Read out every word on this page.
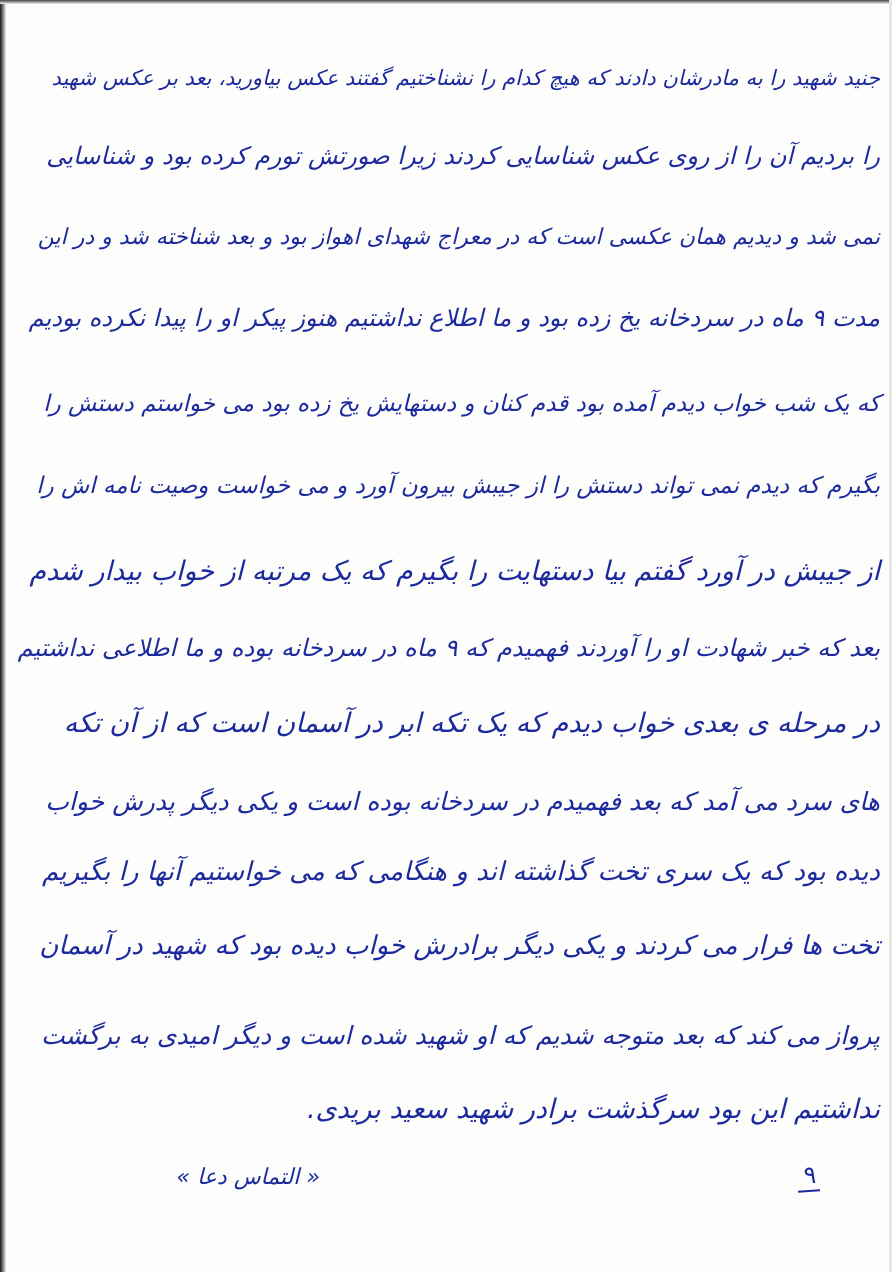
جنید شهید را به مادرشان دادند که هیچ کدام را نشناختیم گفتند عکس بیاورید، بعد بر عکس شهید
را بردیم آن را از روی عکس شناسایی کردند زیرا صورتش تورم کرده بود و شناسایی
نمی شد و دیدیم همان عکسی است که در معراج شهدای اهواز بود و بعد شناخته شد و در این
مدت ۹ ماه در سردخانه یخ زده بود و ما اطلاع نداشتیم هنوز پیکر او را پیدا نکرده بودیم
که یک شب خواب دیدم آمده بود قدم کنان و دستهایش یخ زده بود می خواستم دستش را
بگیرم که دیدم نمی تواند دستش را از جیبش بیرون آورد و می خواست وصیت نامه اش را
از جیبش در آورد گفتم بیا دستهایت را بگیرم که یک مرتبه از خواب بیدار شدم
بعد که خبر شهادت او را آوردند فهمیدم که ۹ ماه در سردخانه بوده و ما اطلاعی نداشتیم
در مرحله ی بعدی خواب دیدم که یک تکه ابر در آسمان است که از آن تکه
های سرد می آمد که بعد فهمیدم در سردخانه بوده است و یکی دیگر پدرش خواب
دیده بود که یک سری تخت گذاشته اند و هنگامی که می خواستیم آنها را بگیریم
تخت ها فرار می کردند و یکی دیگر برادرش خواب دیده بود که شهید در آسمان
پرواز می کند که بعد متوجه شدیم که او شهید شده است و دیگر امیدی به برگشت
نداشتیم این بود سرگذشت برادر شهید سعید بریدی.
« التماس دعا »	۹
